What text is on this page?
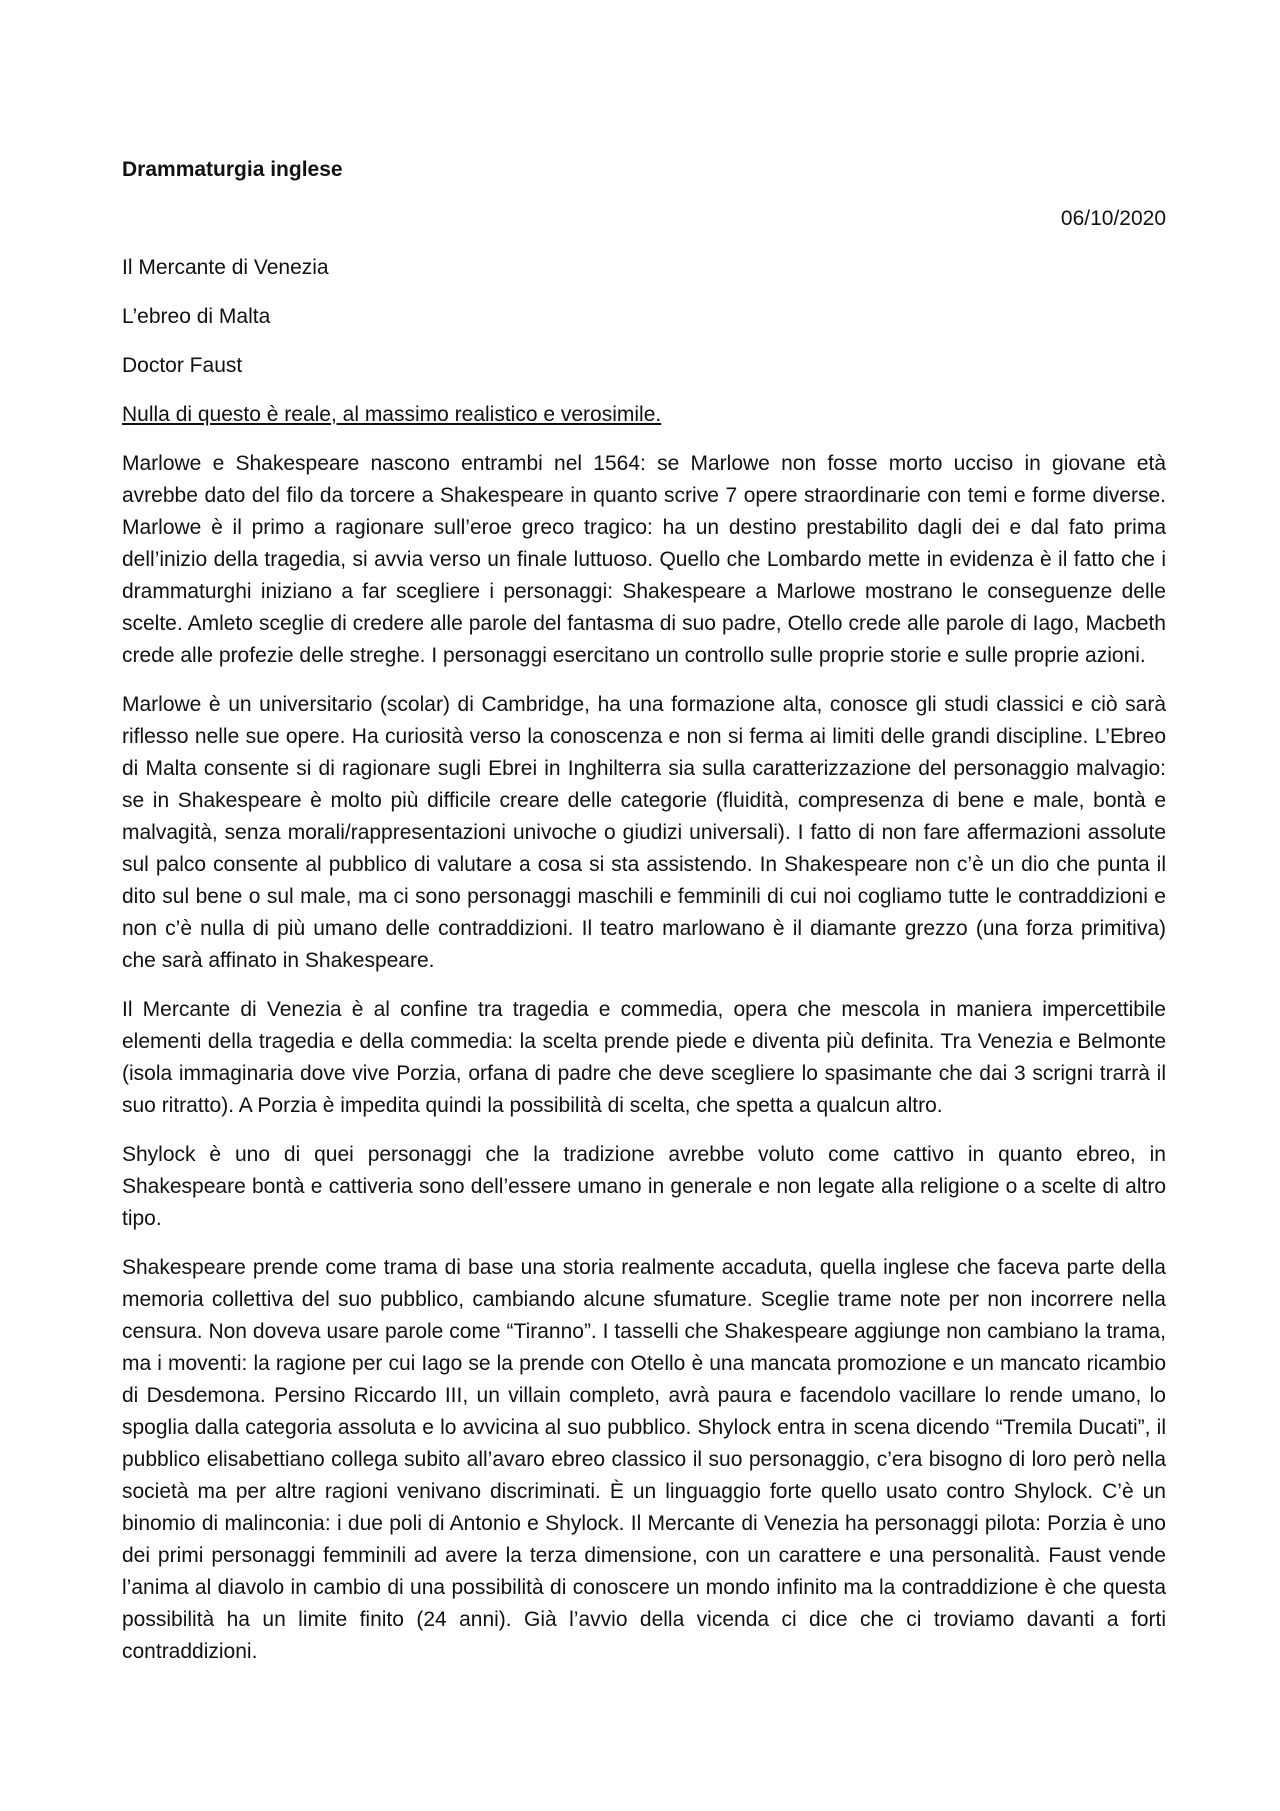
Drammaturgia inglese
06/10/2020
Il Mercante di Venezia
L’ebreo di Malta
Doctor Faust
Nulla di questo è reale, al massimo realistico e verosimile.

Marlowe e Shakespeare nascono entrambi nel 1564: se Marlowe non fosse morto ucciso in giovane età avrebbe dato del filo da torcere a Shakespeare in quanto scrive 7 opere straordinarie con temi e forme diverse. Marlowe è il primo a ragionare sull’eroe greco tragico: ha un destino prestabilito dagli dei e dal fato prima dell’inizio della tragedia, si avvia verso un finale luttuoso. Quello che Lombardo mette in evidenza è il fatto che i drammaturghi iniziano a far scegliere i personaggi: Shakespeare a Marlowe mostrano le conseguenze delle scelte. Amleto sceglie di credere alle parole del fantasma di suo padre, Otello crede alle parole di Iago, Macbeth crede alle profezie delle streghe. I personaggi esercitano un controllo sulle proprie storie e sulle proprie azioni.

Marlowe è un universitario (scolar) di Cambridge, ha una formazione alta, conosce gli studi classici e ciò sarà riflesso nelle sue opere. Ha curiosità verso la conoscenza e non si ferma ai limiti delle grandi discipline. L’Ebreo di Malta consente si di ragionare sugli Ebrei in Inghilterra sia sulla caratterizzazione del personaggio malvagio: se in Shakespeare è molto più difficile creare delle categorie (fluidità, compresenza di bene e male, bontà e malvagità, senza morali/rappresentazioni univoche o giudizi universali). I fatto di non fare affermazioni assolute sul palco consente al pubblico di valutare a cosa si sta assistendo. In Shakespeare non c’è un dio che punta il dito sul bene o sul male, ma ci sono personaggi maschili e femminili di cui noi cogliamo tutte le contraddizioni e non c’è nulla di più umano delle contraddizioni. Il teatro marlowano è il diamante grezzo (una forza primitiva) che sarà affinato in Shakespeare.

Il Mercante di Venezia è al confine tra tragedia e commedia, opera che mescola in maniera impercettibile elementi della tragedia e della commedia: la scelta prende piede e diventa più definita. Tra Venezia e Belmonte (isola immaginaria dove vive Porzia, orfana di padre che deve scegliere lo spasimante che dai 3 scrigni trarrà il suo ritratto). A Porzia è impedita quindi la possibilità di scelta, che spetta a qualcun altro.

Shylock è uno di quei personaggi che la tradizione avrebbe voluto come cattivo in quanto ebreo, in Shakespeare bontà e cattiveria sono dell’essere umano in generale e non legate alla religione o a scelte di altro tipo.

Shakespeare prende come trama di base una storia realmente accaduta, quella inglese che faceva parte della memoria collettiva del suo pubblico, cambiando alcune sfumature. Sceglie trame note per non incorrere nella censura. Non doveva usare parole come “Tiranno”. I tasselli che Shakespeare aggiunge non cambiano la trama, ma i moventi: la ragione per cui Iago se la prende con Otello è una mancata promozione e un mancato ricambio di Desdemona. Persino Riccardo III, un villain completo, avrà paura e facendolo vacillare lo rende umano, lo spoglia dalla categoria assoluta e lo avvicina al suo pubblico. Shylock entra in scena dicendo “Tremila Ducati”, il pubblico elisabettiano collega subito all’avaro ebreo classico il suo personaggio, c’era bisogno di loro però nella società ma per altre ragioni venivano discriminati. È un linguaggio forte quello usato contro Shylock. C’è un binomio di malinconia: i due poli di Antonio e Shylock. Il Mercante di Venezia ha personaggi pilota: Porzia è uno dei primi personaggi femminili ad avere la terza dimensione, con un carattere e una personalità. Faust vende l’anima al diavolo in cambio di una possibilità di conoscere un mondo infinito ma la contraddizione è che questa possibilità ha un limite finito (24 anni). Già l’avvio della vicenda ci dice che ci troviamo davanti a forti contraddizioni.
